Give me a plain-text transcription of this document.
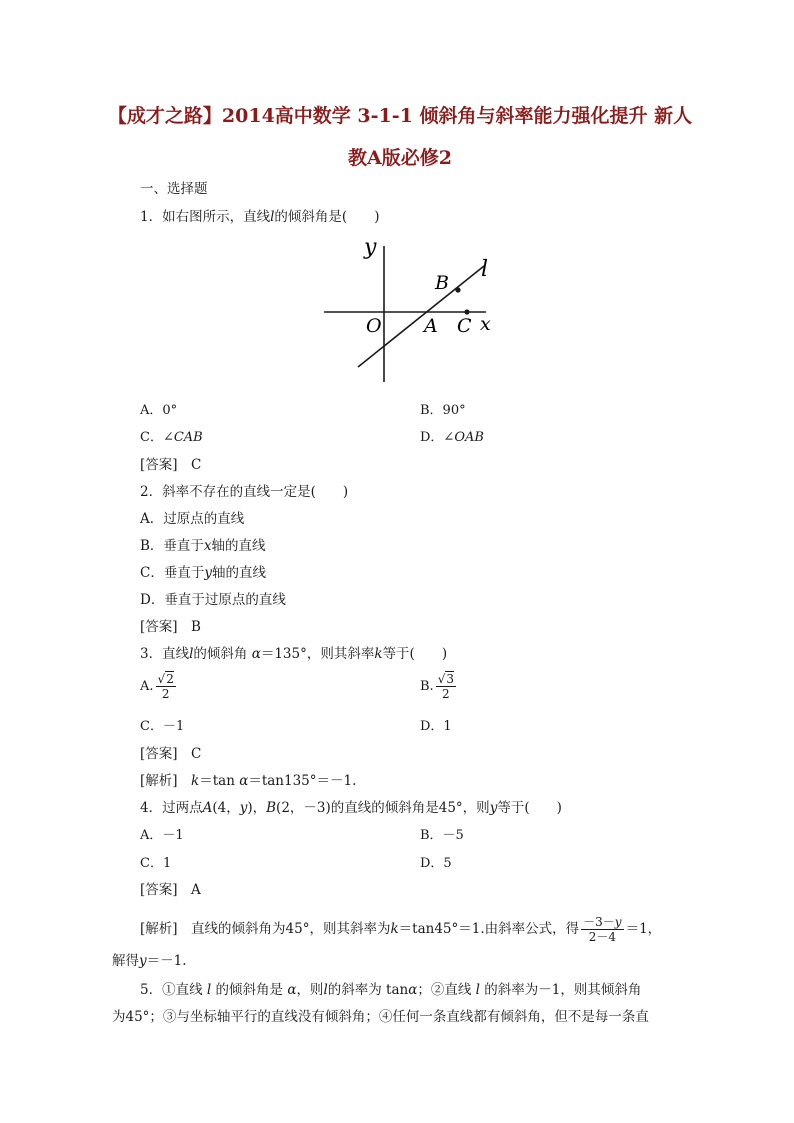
【成才之路】2014高中数学 3-1-1 倾斜角与斜率能力强化提升 新人
教A版必修2
一、选择题
1．如右图所示，直线l的倾斜角是(　　)
y
l
B
O A C x
A．0°	B．90°
C．∠CAB	D．∠OAB
[答案]　 C
2．斜率不存在的直线一定是(　　)
A．过原点的直线
B．垂直于x轴的直线
C．垂直于y轴的直线
D．垂直于过原点的直线
[答案]　 B
3．直线l的倾斜角 α＝135°，则其斜率k等于(　　)
A. $\frac{√2}{2}$	B. $\frac{√3}{2}$
C．－1	D．1
[答案]　 C
[解析]　 k＝tan α＝tan135°＝－1.
4．过两点A(4，y)，B(2，－3)的直线的倾斜角是45°，则y等于(　　)
A．－1	B．－5
C．1	D．5
[答案]　 A
[解析]　 直线的倾斜角为45°，则其斜率为k＝tan45°＝1.由斜率公式，得 $\frac{-3-y}{2-4} =1$，
解得y＝－1.
5．①直线 l 的倾斜角是 α，则l的斜率为 tanα；②直线 l 的斜率为－1，则其倾斜角
为45°；③与坐标轴平行的直线没有倾斜角；④任何一条直线都有倾斜角，但不是每一条直
